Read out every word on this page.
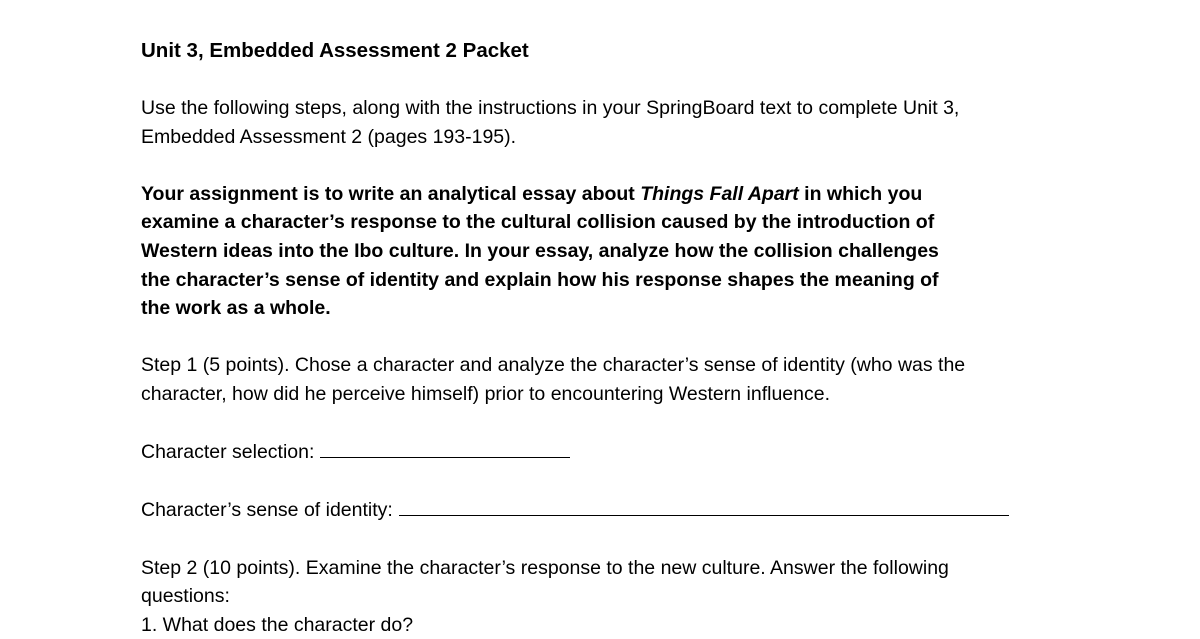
Unit 3, Embedded Assessment 2 Packet

Use the following steps, along with the instructions in your SpringBoard text to complete Unit 3,

Embedded Assessment 2 (pages 193-195).

Your assignment is to write an analytical essay about Things Fall Apart in which you

examine a character’s response to the cultural collision caused by the introduction of

Western ideas into the Ibo culture. In your essay, analyze how the collision challenges

the character’s sense of identity and explain how his response shapes the meaning of

the work as a whole.

Step 1 (5 points). Chose a character and analyze the character’s sense of identity (who was the

character, how did he perceive himself) prior to encountering Western influence.

Character selection:

Character’s sense of identity:

Step 2 (10 points). Examine the character’s response to the new culture. Answer the following

questions:

1. What does the character do?
